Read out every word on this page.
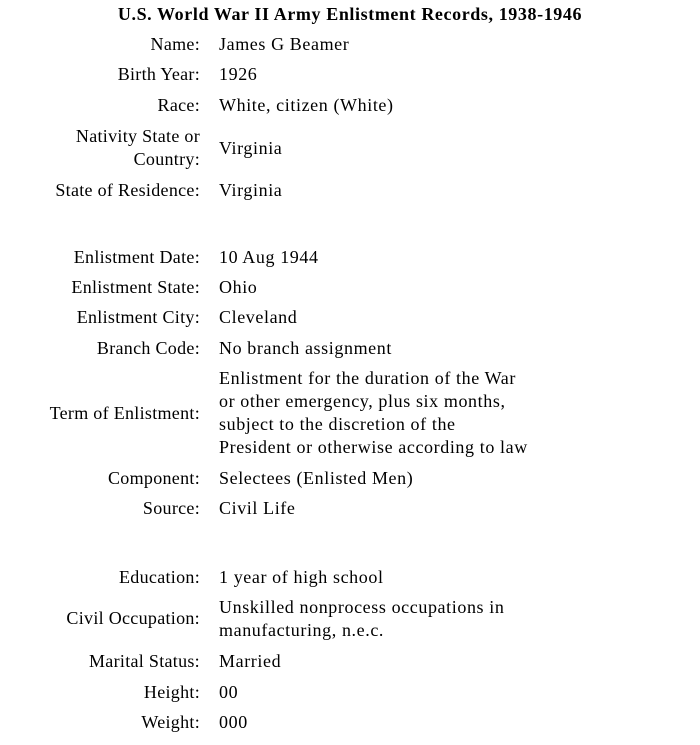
U.S. World War II Army Enlistment Records, 1938-1946
Name: James G Beamer
Birth Year: 1926
Race: White, citizen (White)
Nativity State or
Country:
Virginia
State of Residence: Virginia
Enlistment Date: 10 Aug 1944
Enlistment State: Ohio
Enlistment City: Cleveland
Branch Code: No branch assignment
Term of Enlistment:
Enlistment for the duration of the War
or other emergency, plus six months,
subject to the discretion of the
President or otherwise according to law
Component: Selectees (Enlisted Men)
Source: Civil Life
Education: 1 year of high school
Civil Occupation:
Unskilled nonprocess occupations in
manufacturing, n.e.c.
Marital Status: Married
Height: 00
Weight: 000
